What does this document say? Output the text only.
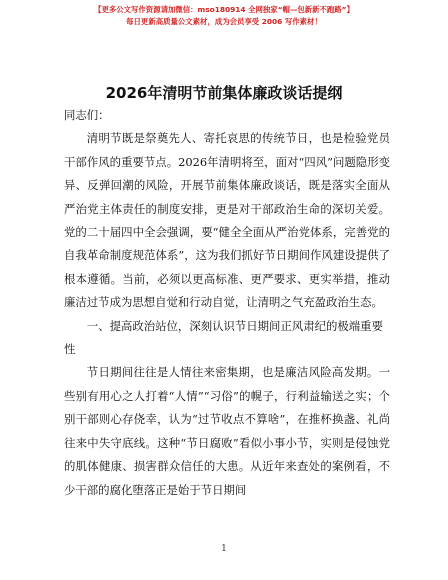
【更多公文写作资源请加微信：mso180914 全网独家“帽—包新新不跑路”】
每日更新高质量公文素材，成为会员享受 2006 写作素材！
2026年清明节前集体廉政谈话提纲

同志们：

清明节既是祭奠先人、寄托哀思的传统节日，也是检验党员干部作风的重要节点。2026年清明将至，面对“四风”问题隐形变异、反弹回潮的风险，开展节前集体廉政谈话，既是落实全面从严治党主体责任的制度安排，更是对干部政治生命的深切关爱。党的二十届四中全会强调，要“健全全面从严治党体系，完善党的自我革命制度规范体系”，这为我们抓好节日期间作风建设提供了根本遵循。当前，必须以更高标准、更严要求、更实举措，推动廉洁过节成为思想自觉和行动自觉，让清明之气充盈政治生态。

一、提高政治站位，深刻认识节日期间正风肃纪的极端重要性

节日期间往往是人情往来密集期，也是廉洁风险高发期。一些别有用心之人打着“人情”“习俗”的幌子，行利益输送之实；个别干部则心存侥幸，认为“过节收点不算啥”，在推杯换盏、礼尚往来中失守底线。这种“节日腐败”看似小事小节，实则是侵蚀党的肌体健康、损害群众信任的大患。从近年来查处的案例看，不少干部的腐化堕落正是始于节日期间

1
